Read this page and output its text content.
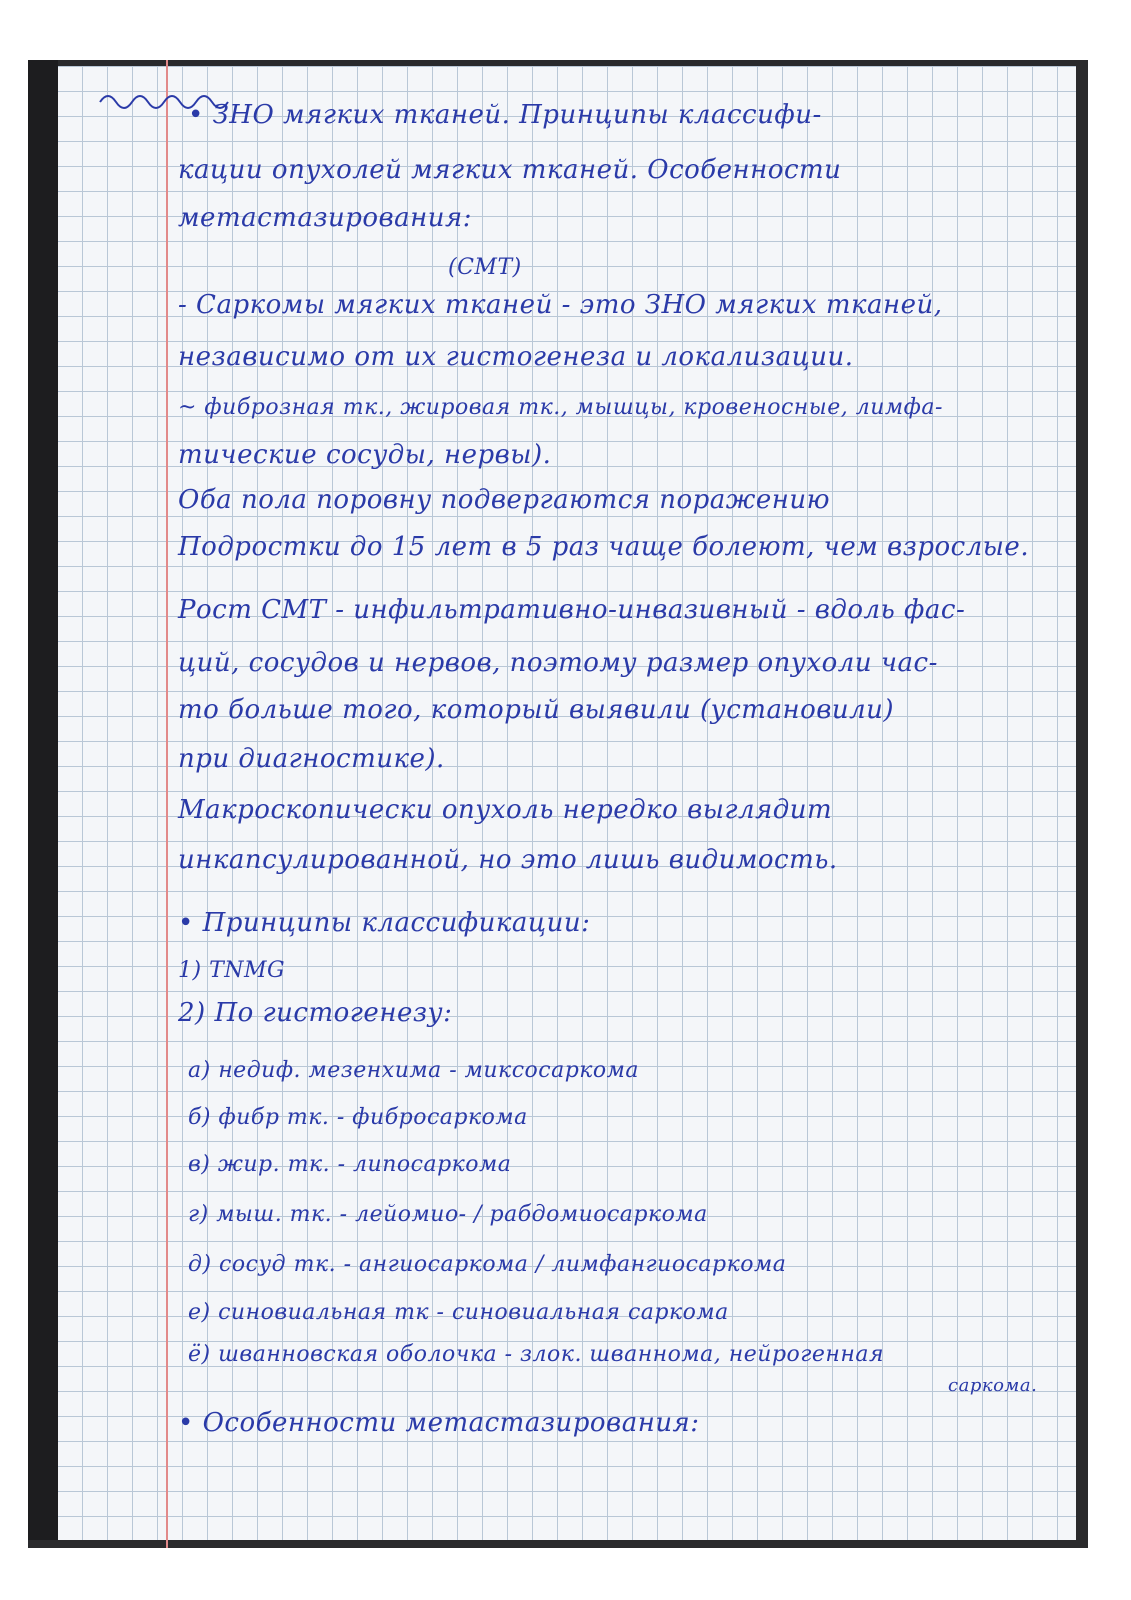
• ЗНО мягких тканей. Принципы классифи-
кации опухолей мягких тканей. Особенности
метастазирования:
(СМТ)
- Саркомы мягких тканей - это ЗНО мягких тканей,
независимо от их гистогенеза и локализации.
~ фиброзная тк., жировая тк., мышцы, кровеносные, лимфа-
тические сосуды, нервы).
Оба пола поровну подвергаются поражению
Подростки до 15 лет в 5 раз чаще болеют, чем взрослые.
Рост СМТ - инфильтративно-инвазивный - вдоль фас-
ций, сосудов и нервов, поэтому размер опухоли час-
то больше того, который выявили (установили)
при диагностике).
Макроскопически опухоль нередко выглядит
инкапсулированной, но это лишь видимость.
• Принципы классификации:
1) TNMG
2) По гистогенезу:
а) недиф. мезенхима - миксосаркома
б) фибр тк. - фибросаркома
в) жир. тк. - липосаркома
г) мыш. тк. - лейомио- / рабдомиосаркома
д) сосуд тк. - ангиосаркома / лимфангиосаркома
е) синовиальная тк - синовиальная саркома
ё) шванновская оболочка - злок. шваннома, нейрогенная
саркома.
• Особенности метастазирования:
